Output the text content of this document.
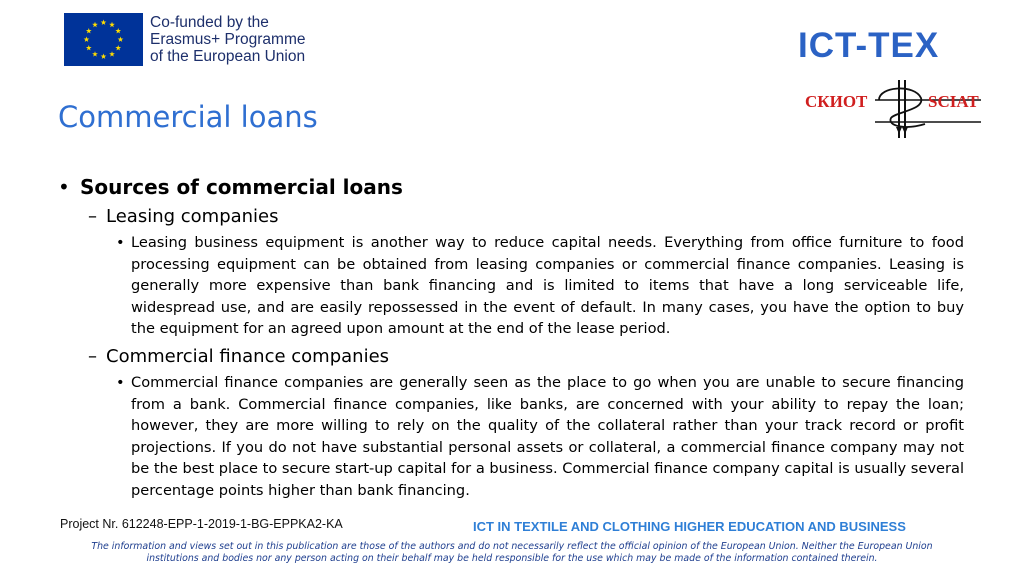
Co-funded by the
Erasmus+ Programme
of the European Union	ICT-TEX
СКИОТ	SCIAT
Commercial loans
• Sources of commercial loans
– Leasing companies
• Leasing business equipment is another way to reduce capital needs. Everything from office furniture to food processing equipment can be obtained from leasing companies or commercial finance companies. Leasing is generally more expensive than bank financing and is limited to items that have a long serviceable life, widespread use, and are easily repossessed in the event of default. In many cases, you have the option to buy the equipment for an agreed upon amount at the end of the lease period.
– Commercial finance companies
• Commercial finance companies are generally seen as the place to go when you are unable to secure financing from a bank. Commercial finance companies, like banks, are concerned with your ability to repay the loan; however, they are more willing to rely on the quality of the collateral rather than your track record or profit projections. If you do not have substantial personal assets or collateral, a commercial finance company may not be the best place to secure start-up capital for a business. Commercial finance company capital is usually several percentage points higher than bank financing.
Project Nr. 612248-EPP-1-2019-1-BG-EPPKA2-KA	ICT IN TEXTILE AND CLOTHING HIGHER EDUCATION AND BUSINESS
The information and views set out in this publication are those of the authors and do not necessarily reflect the official opinion of the European Union. Neither the European Union institutions and bodies nor any person acting on their behalf may be held responsible for the use which may be made of the information contained therein.
